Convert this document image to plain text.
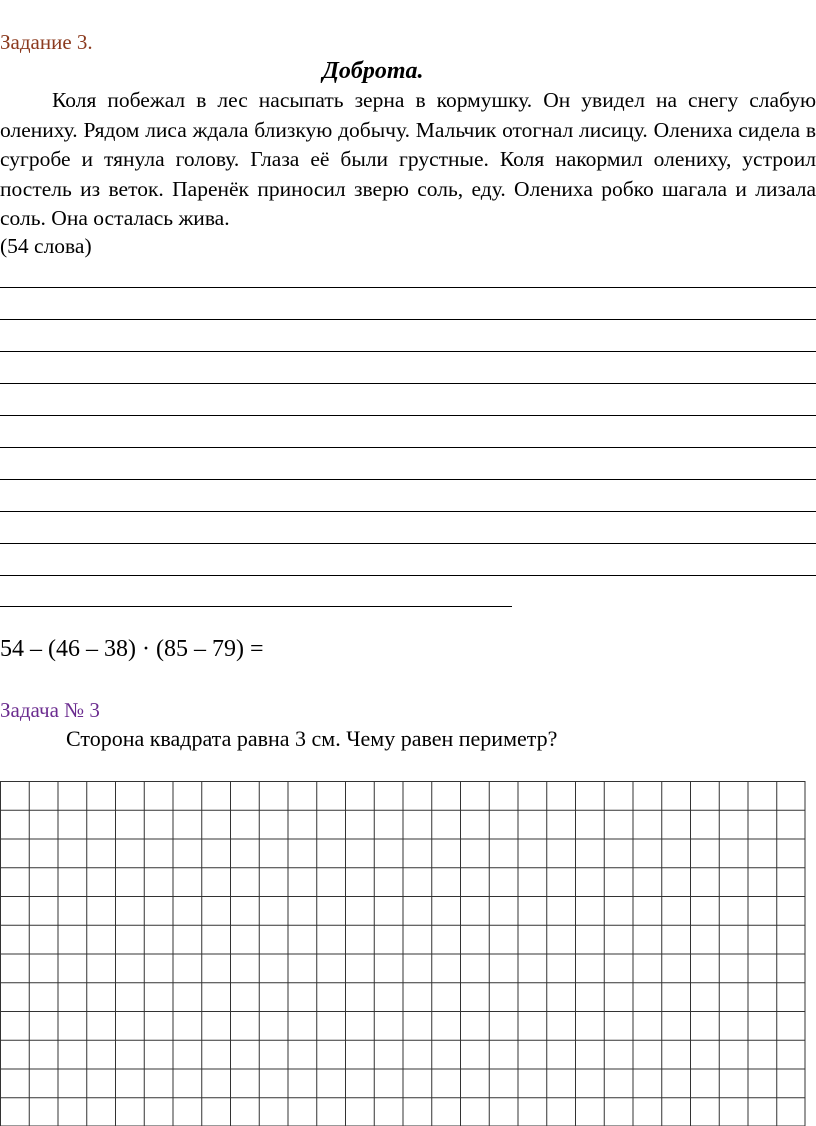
Задание 3.
Доброта.

Коля побежал в лес насыпать зерна в кормушку. Он увидел на снегу слабую олениху. Рядом лиса ждала близкую добычу. Мальчик отогнал лисицу. Олениха сидела в сугробе и тянула голову. Глаза её были грустные. Коля накормил олениху, устроил постель из веток. Паренёк приносил зверю соль, еду. Олениха робко шагала и лизала соль. Она осталась жива.

(54 слова)
54 – (46 – 38) · (85 – 79) =
Задача № 3
Сторона квадрата равна 3 см. Чему равен периметр?
